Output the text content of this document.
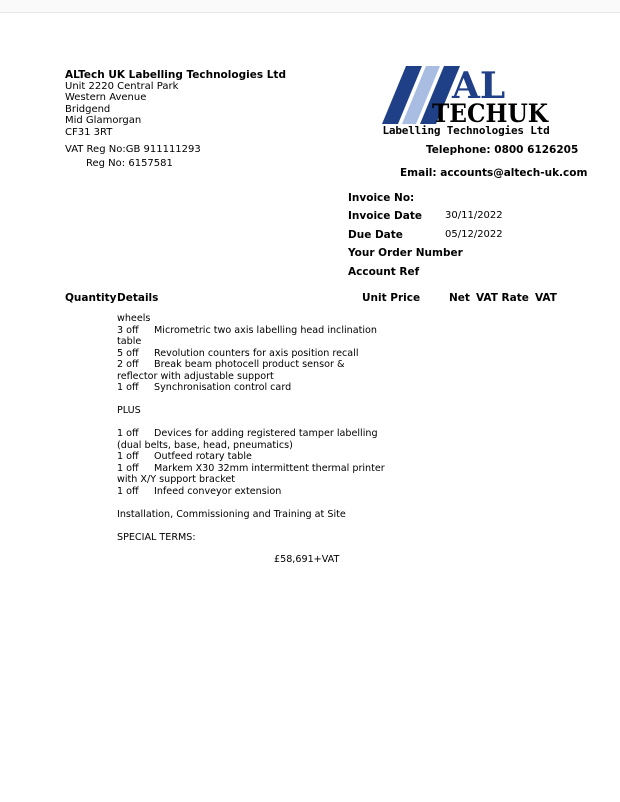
ALTech UK Labelling Technologies Ltd
Unit 2220 Central Park
Western Avenue
Bridgend
Mid Glamorgan
CF31 3RT
VAT Reg No:GB 911111293
Reg No: 6157581
AL
TECHUK
Labelling Technologies Ltd
Telephone: 0800 6126205
Email: accounts@altech-uk.com
Invoice No:
Invoice Date 30/11/2022
Due Date	05/12/2022
Your Order Number
Account Ref
Quantity Details	Unit Price	Net VAT Rate VAT
wheels
3 off Micrometric two axis labelling head inclination
table
5 off Revolution counters for axis position recall
2 off Break beam photocell product sensor &
reflector with adjustable support
1 off Synchronisation control card
PLUS
1 off Devices for adding registered tamper labelling
(dual belts, base, head, pneumatics)
1 off Outfeed rotary table
1 off Markem X30 32mm intermittent thermal printer
with X/Y support bracket
1 off Infeed conveyor extension
Installation, Commissioning and Training at Site
SPECIAL TERMS:
£58,691+VAT
